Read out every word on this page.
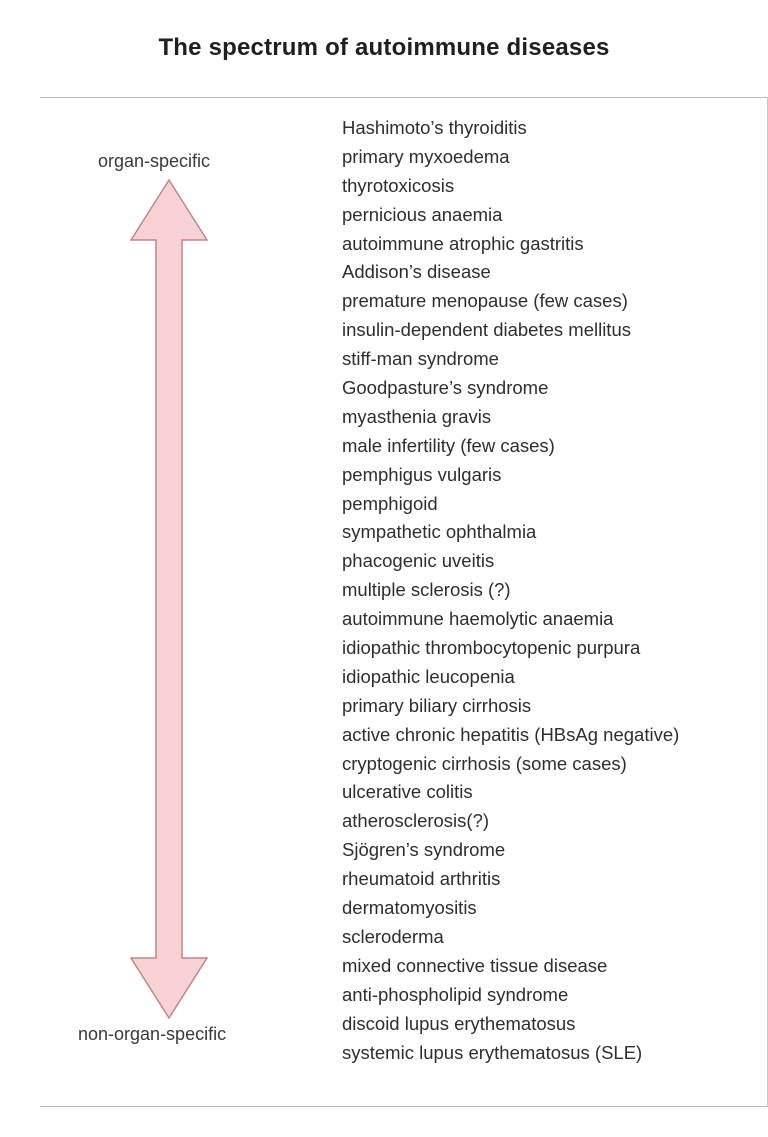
The spectrum of autoimmune diseases
organ-specific
non-organ-specific
Hashimoto’s thyroiditis
primary myxoedema
thyrotoxicosis
pernicious anaemia
autoimmune atrophic gastritis
Addison’s disease
premature menopause (few cases)
insulin-dependent diabetes mellitus
stiff-man syndrome
Goodpasture’s syndrome
myasthenia gravis
male infertility (few cases)
pemphigus vulgaris
pemphigoid
sympathetic ophthalmia
phacogenic uveitis
multiple sclerosis (?)
autoimmune haemolytic anaemia
idiopathic thrombocytopenic purpura
idiopathic leucopenia
primary biliary cirrhosis
active chronic hepatitis (HBsAg negative)
cryptogenic cirrhosis (some cases)
ulcerative colitis
atherosclerosis(?)
Sjögren’s syndrome
rheumatoid arthritis
dermatomyositis
scleroderma
mixed connective tissue disease
anti-phospholipid syndrome
discoid lupus erythematosus
systemic lupus erythematosus (SLE)
